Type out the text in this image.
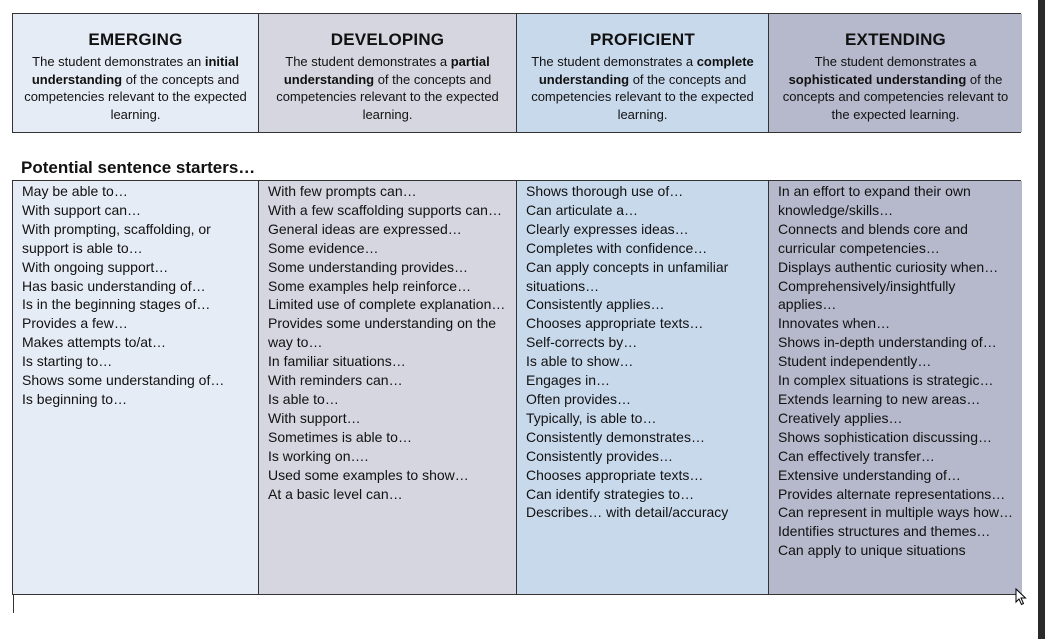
EMERGING
The student demonstrates an initial understanding of the concepts and competencies relevant to the expected learning.
DEVELOPING
The student demonstrates a partial understanding of the concepts and competencies relevant to the expected learning.
PROFICIENT
The student demonstrates a complete understanding of the concepts and competencies relevant to the expected learning.
EXTENDING
The student demonstrates a sophisticated understanding of the concepts and competencies relevant to the expected learning.
Potential sentence starters…
May be able to…
With support can…
With prompting, scaffolding, or support is able to…
With ongoing support…
Has basic understanding of…
Is in the beginning stages of…
Provides a few…
Makes attempts to/at…
Is starting to…
Shows some understanding of…
Is beginning to…
With few prompts can…
With a few scaffolding supports can…
General ideas are expressed…
Some evidence…
Some understanding provides…
Some examples help reinforce…
Limited use of complete explanation…
Provides some understanding on the way to…
In familiar situations…
With reminders can…
Is able to…
With support…
Sometimes is able to…
Is working on….
Used some examples to show…
At a basic level can…
Shows thorough use of…
Can articulate a…
Clearly expresses ideas…
Completes with confidence…
Can apply concepts in unfamiliar situations…
Consistently applies…
Chooses appropriate texts…
Self-corrects by…
Is able to show…
Engages in…
Often provides…
Typically, is able to…
Consistently demonstrates…
Consistently provides…
Chooses appropriate texts…
Can identify strategies to…
Describes… with detail/accuracy
In an effort to expand their own knowledge/skills…
Connects and blends core and curricular competencies…
Displays authentic curiosity when…
Comprehensively/insightfully applies…
Innovates when…
Shows in-depth understanding of…
Student independently…
In complex situations is strategic…
Extends learning to new areas…
Creatively applies…
Shows sophistication discussing…
Can effectively transfer…
Extensive understanding of…
Provides alternate representations…
Can represent in multiple ways how…
Identifies structures and themes…
Can apply to unique situations
